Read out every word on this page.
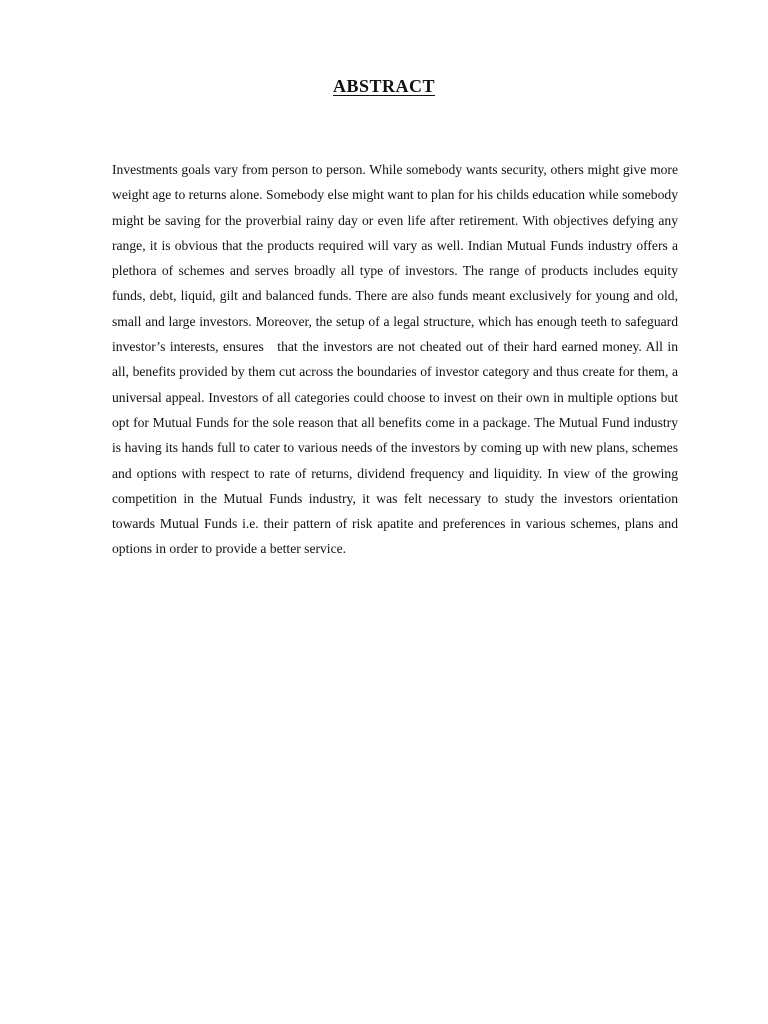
ABSTRACT

Investments goals vary from person to person. While somebody wants security, others might give more weight age to returns alone. Somebody else might want to plan for his childs education while somebody might be saving for the proverbial rainy day or even life after retirement. With objectives defying any range, it is obvious that the products required will vary as well. Indian Mutual Funds industry offers a plethora of schemes and serves broadly all type of investors. The range of products includes equity funds, debt, liquid, gilt and balanced funds. There are also funds meant exclusively for young and old, small and large investors. Moreover, the setup of a legal structure, which has enough teeth to safeguard investor’s interests, ensures   that the investors are not cheated out of their hard earned money. All in all, benefits provided by them cut across the boundaries of investor category and thus create for them, a universal appeal. Investors of all categories could choose to invest on their own in multiple options but opt for Mutual Funds for the sole reason that all benefits come in a package. The Mutual Fund industry is having its hands full to cater to various needs of the investors by coming up with new plans, schemes and options with respect to rate of returns, dividend frequency and liquidity. In view of the growing competition in the Mutual Funds industry, it was felt necessary to study the investors orientation towards Mutual Funds i.e. their pattern of risk apatite and preferences in various schemes, plans and options in order to provide a better service.
